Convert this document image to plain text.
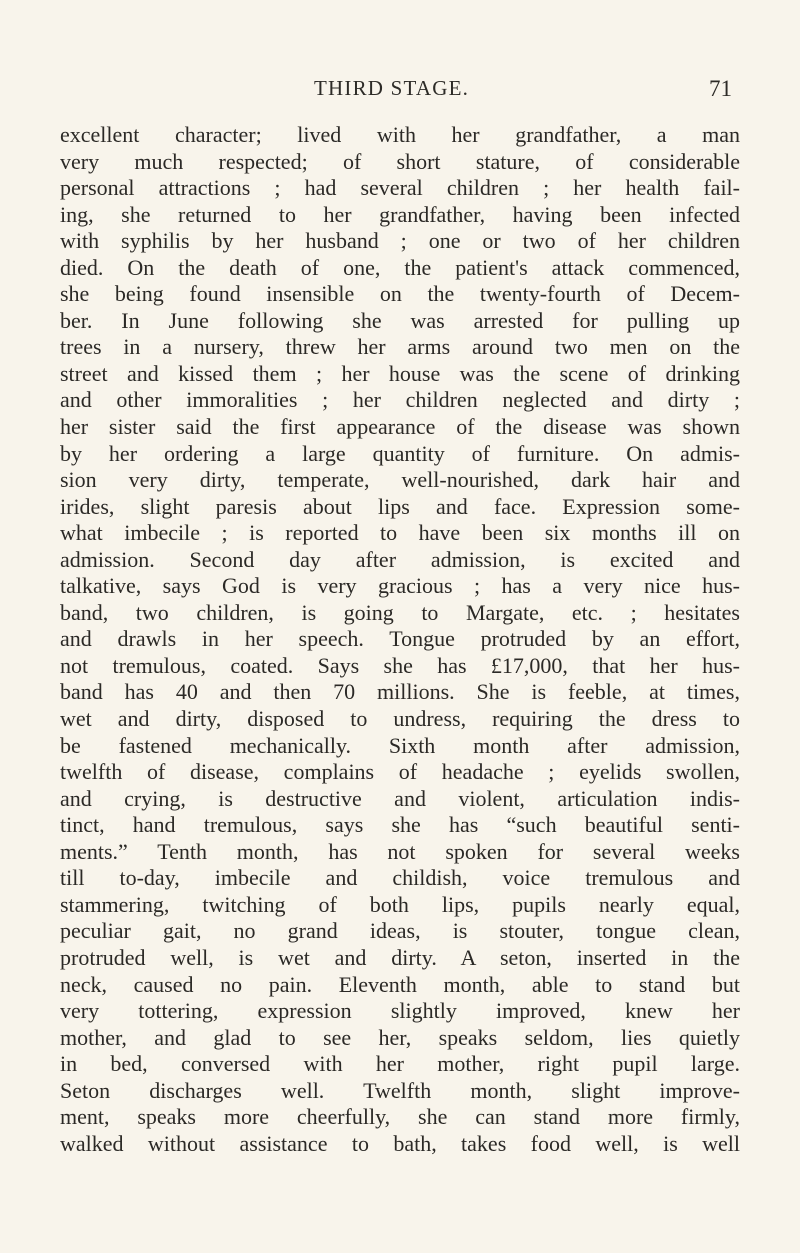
THIRD STAGE.	71
excellent character; lived with her grandfather, a man
very much respected; of short stature, of considerable
personal attractions ; had several children ; her health fail-
ing, she returned to her grandfather, having been infected
with syphilis by her husband ; one or two of her children
died. On the death of one, the patient's attack commenced,
she being found insensible on the twenty-fourth of Decem-
ber. In June following she was arrested for pulling up
trees in a nursery, threw her arms around two men on the
street and kissed them ; her house was the scene of drinking
and other immoralities ; her children neglected and dirty ;
her sister said the first appearance of the disease was shown
by her ordering a large quantity of furniture. On admis-
sion very dirty, temperate, well-nourished, dark hair and
irides, slight paresis about lips and face. Expression some-
what imbecile ; is reported to have been six months ill on
admission. Second day after admission, is excited and
talkative, says God is very gracious ; has a very nice hus-
band, two children, is going to Margate, etc. ; hesitates
and drawls in her speech. Tongue protruded by an effort,
not tremulous, coated. Says she has £17,000, that her hus-
band has 40 and then 70 millions. She is feeble, at times,
wet and dirty, disposed to undress, requiring the dress to
be fastened mechanically. Sixth month after admission,
twelfth of disease, complains of headache ; eyelids swollen,
and crying, is destructive and violent, articulation indis-
tinct, hand tremulous, says she has “such beautiful senti-
ments.” Tenth month, has not spoken for several weeks
till to-day, imbecile and childish, voice tremulous and
stammering, twitching of both lips, pupils nearly equal,
peculiar gait, no grand ideas, is stouter, tongue clean,
protruded well, is wet and dirty. A seton, inserted in the
neck, caused no pain. Eleventh month, able to stand but
very tottering, expression slightly improved, knew her
mother, and glad to see her, speaks seldom, lies quietly
in bed, conversed with her mother, right pupil large.
Seton discharges well. Twelfth month, slight improve-
ment, speaks more cheerfully, she can stand more firmly,
walked without assistance to bath, takes food well, is well
